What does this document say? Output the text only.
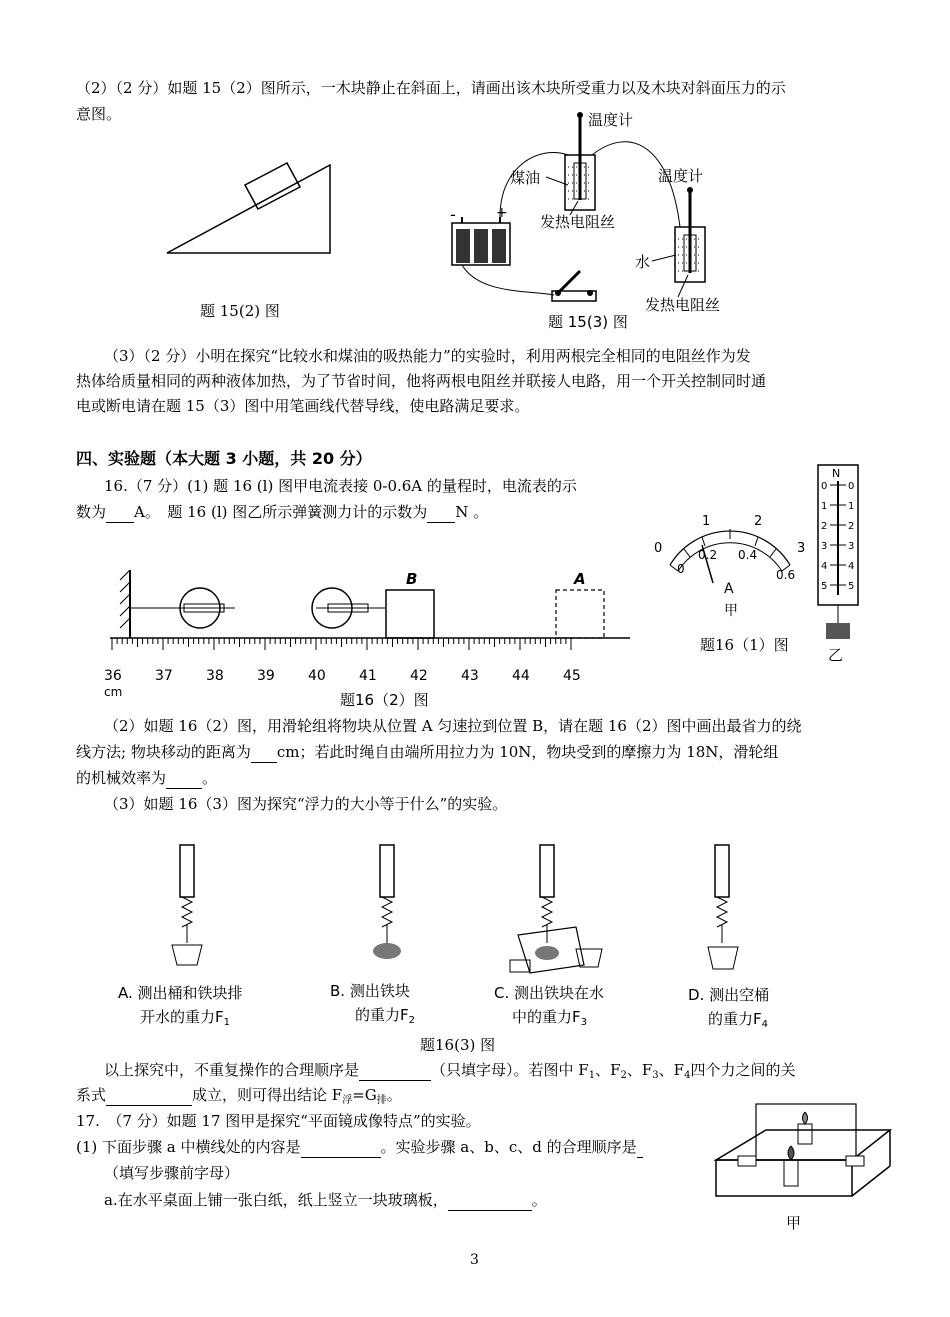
（2）（2 分）如题 15（2）图所示，一木块静止在斜面上，请画出该木块所受重力以及木块对斜面压力的示
意图。
题 15(2) 图
-	+
温度计
煤油
发热电阻丝
温度计
水
发热电阻丝
题 15(3) 图
（3）（2 分）小明在探究“比较水和煤油的吸热能力”的实验时，利用两根完全相同的电阻丝作为发
热体给质量相同的两种液体加热，为了节省时间，他将两根电阻丝并联接人电路，用一个开关控制同时通
电或断电请在题 15（3）图中用笔画线代替导线，使电路满足要求。
四、实验题（本大题 3 小题，共 20 分）
16.（7 分）(1) 题 16 (l) 图甲电流表接 0-0.6A 的量程时，电流表的示
数为 A。　题 16 (l) 图乙所示弹簧测力计的示数为 N 。
0
1	2
3
0
0.2 0.4
0.6
A
甲
题16（1）图
N
0
1
2
3
4
5
0
1
2
3
4
5
乙
B	A
36 37 38 39 40 41 42 43 44 45
cm	题16（2）图
（2）如题 16（2）图，用滑轮组将物块从位置 A 匀速拉到位置 B，请在题 16（2）图中画出最省力的绕
线方法; 物块移动的距离为 cm；若此时绳自由端所用拉力为 10N，物块受到的摩擦力为 18N，滑轮组
的机械效率为 。
（3）如题 16（3）图为探究“浮力的大小等于什么”的实验。
A. 测出桶和铁块排
开水的重力$F_1$
B. 测出铁块
的重力$F_2$
C. 测出铁块在水
中的重力$F_3$
D. 测出空桶
的重力$F_4$
题16(3) 图
以上探究中，不重复操作的合理顺序是	（只填字母）。若图中 $F_1$、$F_2$、$F_3$、$F_4$四个力之间的关
系式	成立，则可得出结论 $F_浮=G_排$。
17.　（7 分）如题 17 图甲是探究“平面镜成像特点”的实验。
(1) 下面步骤 a 中横线处的内容是	。实验步骤 a、b、c、d 的合理顺序是
（填写步骤前字母）
a.在水平桌面上铺一张白纸，纸上竖立一块玻璃板，	。
甲
3
